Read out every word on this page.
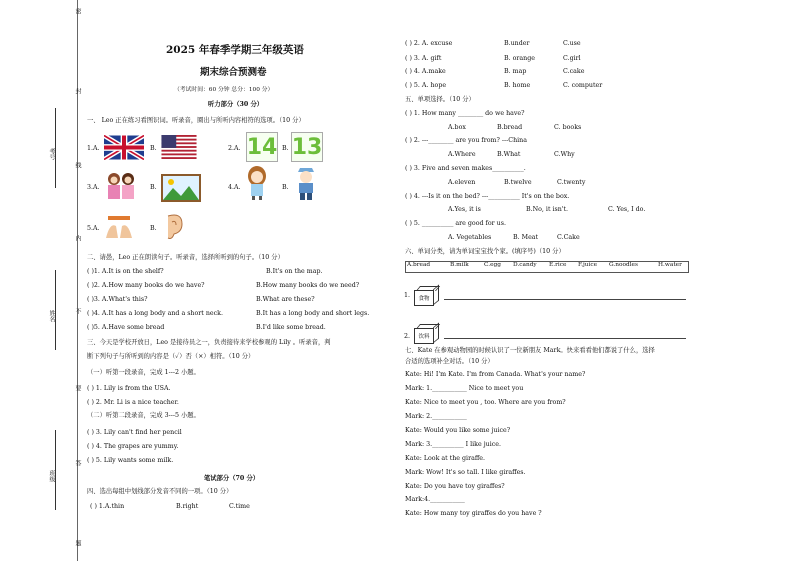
密
封
线
内
不
要
答
题
考号
姓名
班级
2025 年春季学期三年级英语
期末综合预测卷
（考试时间：60 分钟 总分：100 分）
听力部分（30 分）
一、 Leo 正在练习看图识词。听录音，圈出与所听内容相符的选项。（10 分）
1.A.	B.	2.A. 14 B. 13
3.A.	B.	4.A.	B.
5.A.	B.
二、请愚，Leo 正在朗读句子。听录音，选择所听到的句子。（10 分）
( )1. A.It is on the shelf?	B.It's on the map.
( )2. A.How many books do we have?	B.How many books do we need?
( )3. A.What's this?	B.What are these?
( )4. A.It has a long body and a short neck.	B.It has a long body and short legs.
( )5. A.Have some bread	B.I'd like some bread.
三、今天是学校开放日，Leo 是接待员之一，负责接待来学校参观的 Lily 。听录音，判
断下列句子与所听到的内容是（✓）否（×）相符。（10 分）
（一）听第一段录音，完成 1---2 小题。
( ) 1. Lily is from the USA.
( ) 2. Mr. Li is a nice teacher.
（二）听第二段录音，完成 3---5 小题。
( ) 3. Lily can't find her pencil
( ) 4. The grapes are yummy.
( ) 5. Lily wants some milk.
笔试部分（70 分）
四、选出每组中划线部分发音不同的一项。（10 分）
( ) 1.A.thin	B.right	C.time
( ) 2. A. excuse	B.under	C.use
( ) 3. A. gift	B. orange	C.girl
( ) 4. A.make	B. map	C.cake
( ) 5. A. hope	B. home	C. computer
五、单项选择。（10 分）
( ) 1. How many ________ do we have?
A.box	B.bread	C. books
( ) 2. ---________ are you from? ---China
A.Where	B.What	C.Why
( ) 3. Five and seven makes__________.
A.eleven	B.twelve	C.twenty
( ) 4. ---Is it on the bed? ---__________ It's on the box.
A.Yes, it is	B.No, it isn't.	C. Yes, I do.
( ) 5. __________ are good for us.
A. Vegetables	B. Meat	C.Cake
六、单词分类，请为单词宝宝找个家。(填序号)（10 分）
A.bread	B.milk	C.egg D.candy E.rice F.juice G.noodles	H.water
1. 食物
2. 饮料
七、Kate 在参观动物园的时候认识了一位新朋友 Mark。快来看看他们都说了什么，选择
合适的选项补全对话。（10 分）
Kate: Hi! I'm Kate. I'm from Canada. What's your name?
Mark: 1.___________ Nice to meet you
Kate: Nice to meet you , too. Where are you from?
Mark: 2.___________
Kate: Would you like some juice?
Mark: 3.__________ I like juice.
Kate: Look at the giraffe.
Mark: Wow! It's so tall. I like giraffes.
Kate: Do you have toy giraffes?
Mark:4.___________
Kate: How many toy giraffes do you have ?
